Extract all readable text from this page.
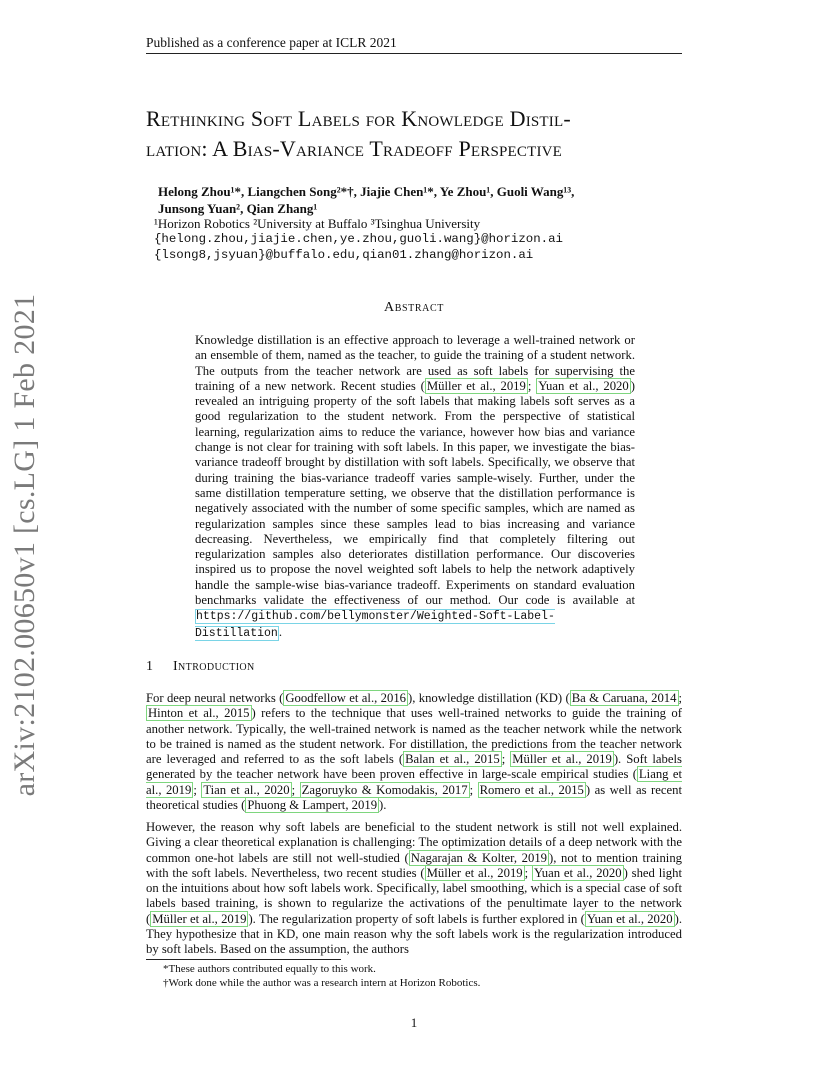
Published as a conference paper at ICLR 2021
arXiv:2102.00650v1 [cs.LG] 1 Feb 2021
Rethinking Soft Labels for Knowledge Distil-
lation: A Bias-Variance Tradeoff Perspective
Helong Zhou¹*, Liangchen Song²*†, Jiajie Chen¹*, Ye Zhou¹, Guoli Wang¹³,
Junsong Yuan², Qian Zhang¹
¹Horizon Robotics ²University at Buffalo ³Tsinghua University
{helong.zhou,jiajie.chen,ye.zhou,guoli.wang}@horizon.ai
{lsong8,jsyuan}@buffalo.edu,qian01.zhang@horizon.ai
Abstract
Knowledge distillation is an effective approach to leverage a well-trained network or an ensemble of them, named as the teacher, to guide the training of a student network. The outputs from the teacher network are used as soft labels for supervising the training of a new network. Recent studies ( Müller et al., 2019 ; Yuan et al., 2020 ) revealed an intriguing property of the soft labels that making labels soft serves as a good regularization to the student network. From the perspective of statistical learning, regularization aims to reduce the variance, however how bias and variance change is not clear for training with soft labels. In this paper, we investigate the bias-variance tradeoff brought by distillation with soft labels. Specifically, we observe that during training the bias-variance tradeoff varies sample-wisely. Further, under the same distillation temperature setting, we observe that the distillation performance is negatively associated with the number of some specific samples, which are named as regularization samples since these samples lead to bias increasing and variance decreasing. Nevertheless, we empirically find that completely filtering out regularization samples also deteriorates distillation performance. Our discoveries inspired us to propose the novel weighted soft labels to help the network adaptively handle the sample-wise bias-variance tradeoff. Experiments on standard evaluation benchmarks validate the effectiveness of our method. Our code is available at https://github.com/bellymonster/Weighted-Soft-Label-Distillation.
1 Introduction
For deep neural networks ( Goodfellow et al., 2016 ), knowledge distillation (KD) ( Ba & Caruana, 2014 ; Hinton et al., 2015 ) refers to the technique that uses well-trained networks to guide the training of another network. Typically, the well-trained network is named as the teacher network while the network to be trained is named as the student network. For distillation, the predictions from the teacher network are leveraged and referred to as the soft labels ( Balan et al., 2015 ; Müller et al., 2019 ). Soft labels generated by the teacher network have been proven effective in large-scale empirical studies ( Liang et al., 2019 ; Tian et al., 2020 ; Zagoruyko & Komodakis, 2017 ; Romero et al., 2015 ) as well as recent theoretical studies ( Phuong & Lampert, 2019 ).
However, the reason why soft labels are beneficial to the student network is still not well explained. Giving a clear theoretical explanation is challenging: The optimization details of a deep network with the common one-hot labels are still not well-studied ( Nagarajan & Kolter, 2019 ), not to mention training with the soft labels. Nevertheless, two recent studies ( Müller et al., 2019 ; Yuan et al., 2020 ) shed light on the intuitions about how soft labels work. Specifically, label smoothing, which is a special case of soft labels based training, is shown to regularize the activations of the penultimate layer to the network ( Müller et al., 2019 ). The regularization property of soft labels is further explored in ( Yuan et al., 2020 ). They hypothesize that in KD, one main reason why the soft labels work is the regularization introduced by soft labels. Based on the assumption, the authors
*These authors contributed equally to this work.
†Work done while the author was a research intern at Horizon Robotics.
1
